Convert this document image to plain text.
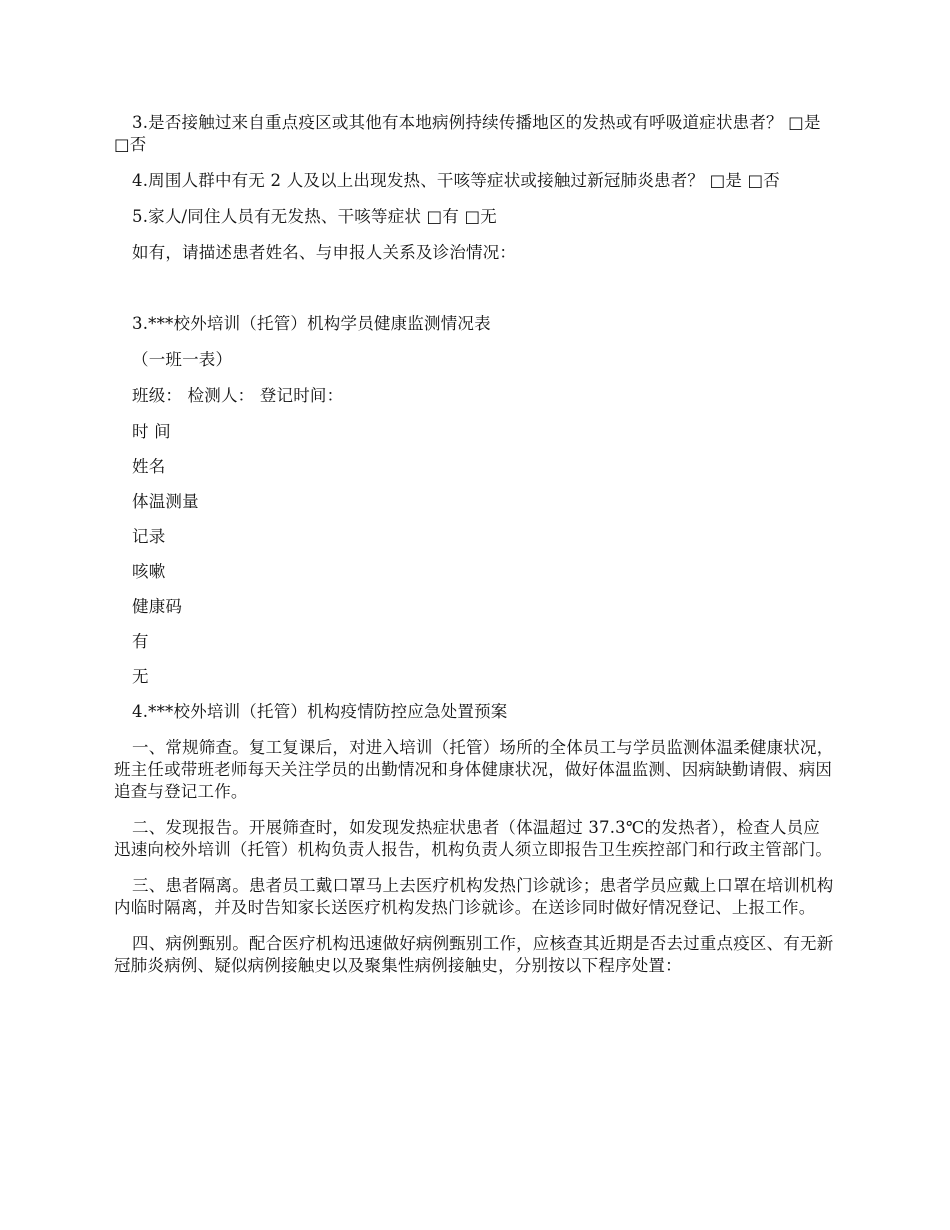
3.是否接触过来自重点疫区或其他有本地病例持续传播地区的发热或有呼吸道症状患者？ □是 □否

4.周围人群中有无 2 人及以上出现发热、干咳等症状或接触过新冠肺炎患者？ □是 □否

5.家人/同住人员有无发热、干咳等症状 □有 □无

如有，请描述患者姓名、与申报人关系及诊治情况：

3.***校外培训（托管）机构学员健康监测情况表

（一班一表）

班级： 检测人： 登记时间：

时 间

姓名

体温测量

记录

咳嗽

健康码

有

无

4.***校外培训（托管）机构疫情防控应急处置预案

一、常规筛查。复工复课后，对进入培训（托管）场所的全体员工与学员监测体温柔健康状况，班主任或带班老师每天关注学员的出勤情况和身体健康状况，做好体温监测、因病缺勤请假、病因追查与登记工作。

二、发现报告。开展筛查时，如发现发热症状患者（体温超过 37.3℃的发热者），检查人员应迅速向校外培训（托管）机构负责人报告，机构负责人须立即报告卫生疾控部门和行政主管部门。

三、患者隔离。患者员工戴口罩马上去医疗机构发热门诊就诊；患者学员应戴上口罩在培训机构内临时隔离，并及时告知家长送医疗机构发热门诊就诊。在送诊同时做好情况登记、上报工作。

四、病例甄别。配合医疗机构迅速做好病例甄别工作，应核查其近期是否去过重点疫区、有无新冠肺炎病例、疑似病例接触史以及聚集性病例接触史，分别按以下程序处置：
